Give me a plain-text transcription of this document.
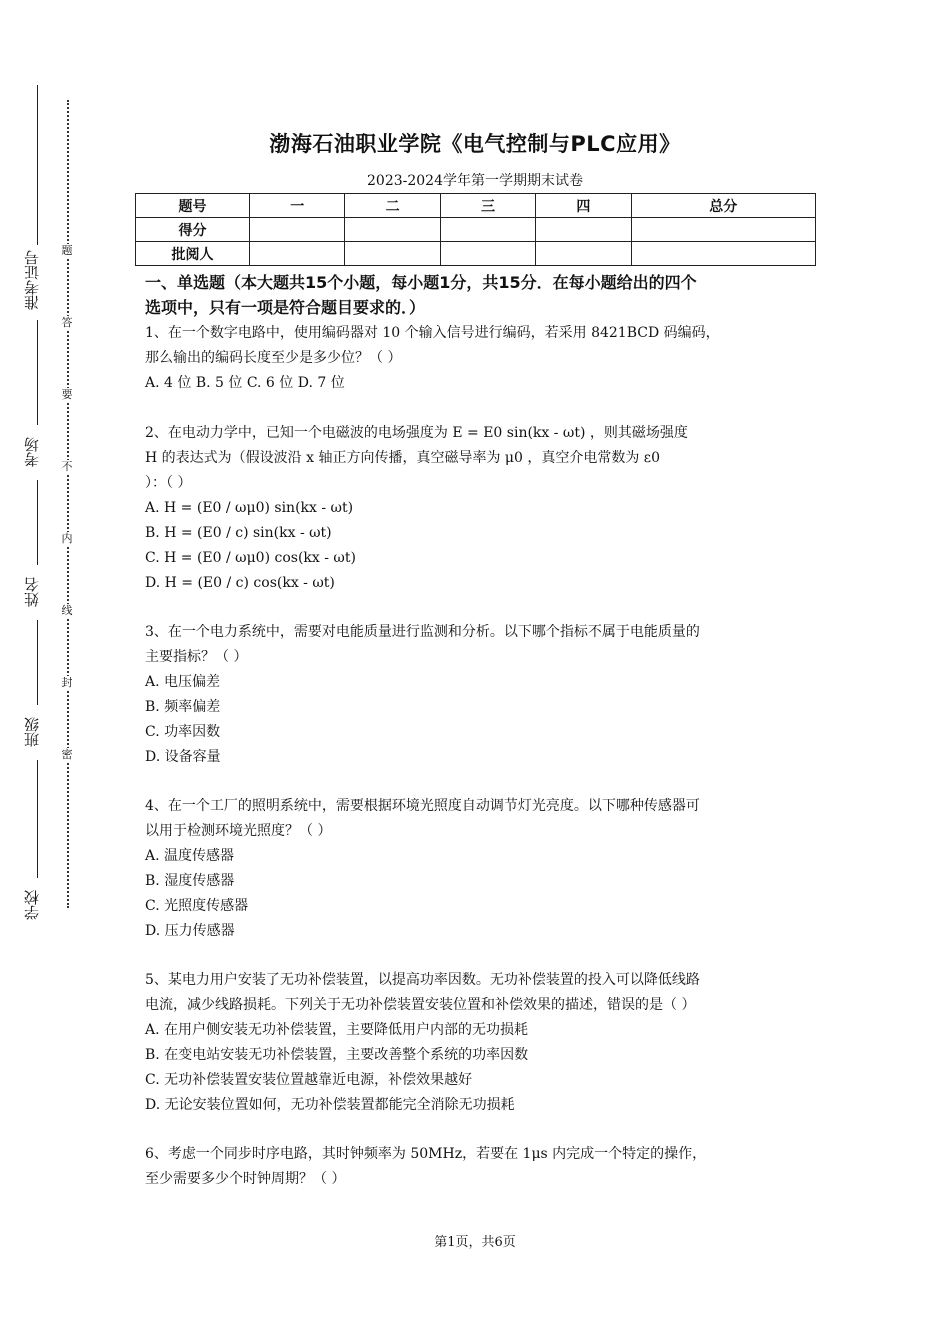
准考证号
考场
姓名
班级
学校
题
答
要
不
内
线
封
密
渤海石油职业学院《电气控制与PLC应用》
2023-2024学年第一学期期末试卷
题号	一	二	三	四	总分
得分					
批阅人					

一、单选题（本大题共15个小题，每小题1分，共15分．在每小题给出的四个

选项中，只有一项是符合题目要求的．）

1、在一个数字电路中，使用编码器对 10 个输入信号进行编码，若采用 8421BCD 码编码，

那么输出的编码长度至少是多少位？（ ）

A. 4 位 B. 5 位 C. 6 位 D. 7 位

2、在电动力学中，已知一个电磁波的电场强度为 E = E0 sin(kx - ωt) ，则其磁场强度

H 的表达式为（假设波沿 x 轴正方向传播，真空磁导率为 μ0 ，真空介电常数为 ε0

）：（ ）

A. H = (E0 / ωμ0) sin(kx - ωt)

B. H = (E0 / c) sin(kx - ωt)

C. H = (E0 / ωμ0) cos(kx - ωt)

D. H = (E0 / c) cos(kx - ωt)

3、在一个电力系统中，需要对电能质量进行监测和分析。以下哪个指标不属于电能质量的

主要指标？（ ）

A. 电压偏差

B. 频率偏差

C. 功率因数

D. 设备容量

4、在一个工厂的照明系统中，需要根据环境光照度自动调节灯光亮度。以下哪种传感器可

以用于检测环境光照度？（ ）

A. 温度传感器

B. 湿度传感器

C. 光照度传感器

D. 压力传感器

5、某电力用户安装了无功补偿装置，以提高功率因数。无功补偿装置的投入可以降低线路

电流，减少线路损耗。下列关于无功补偿装置安装位置和补偿效果的描述，错误的是（ ）

A. 在用户侧安装无功补偿装置，主要降低用户内部的无功损耗

B. 在变电站安装无功补偿装置，主要改善整个系统的功率因数

C. 无功补偿装置安装位置越靠近电源，补偿效果越好

D. 无论安装位置如何，无功补偿装置都能完全消除无功损耗

6、考虑一个同步时序电路，其时钟频率为 50MHz，若要在 1μs 内完成一个特定的操作，

至少需要多少个时钟周期？（ ）

第1页，共6页
